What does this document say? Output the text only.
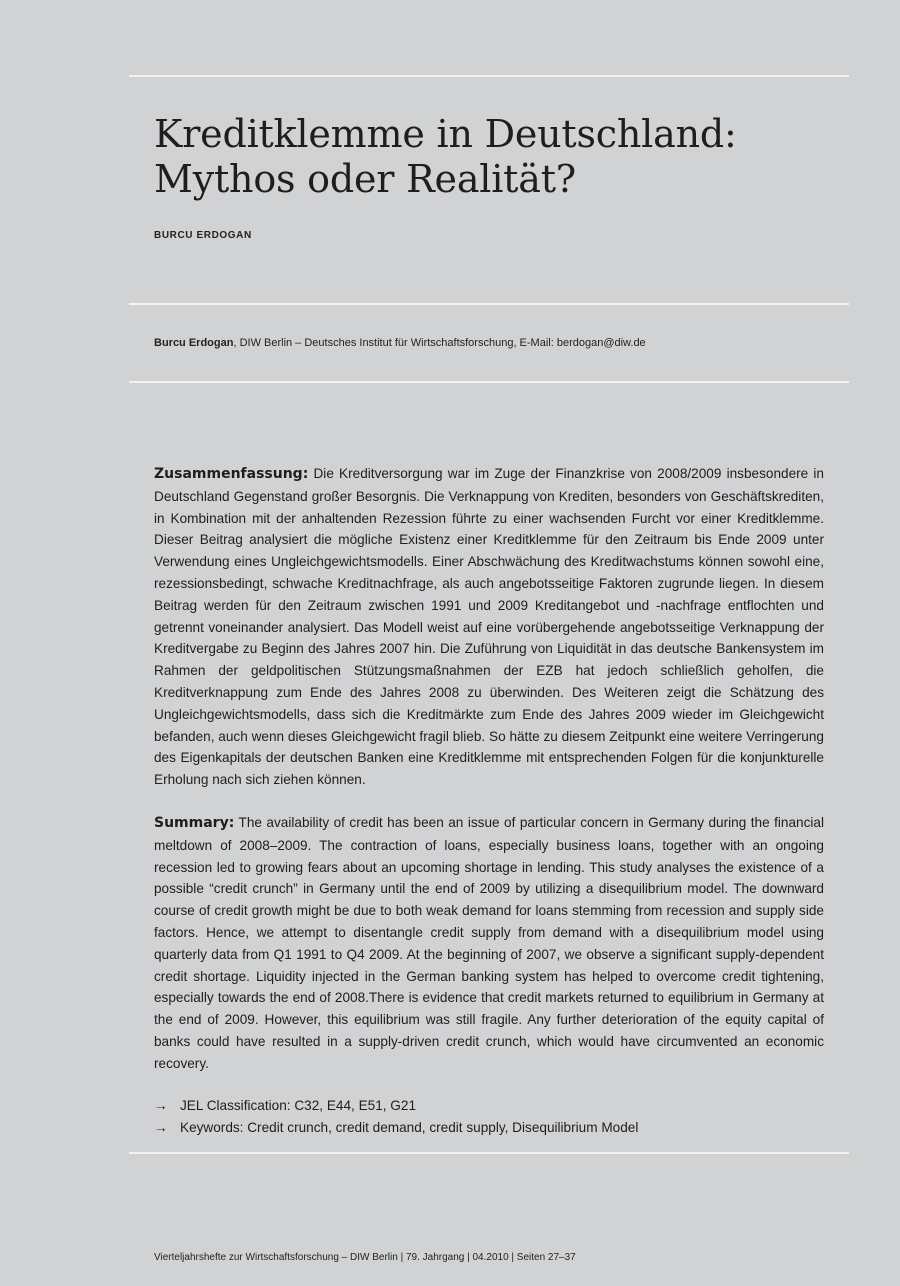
Kreditklemme in Deutschland:
Mythos oder Realität?
BURCU ERDOGAN
Burcu Erdogan, DIW Berlin – Deutsches Institut für Wirtschaftsforschung, E-Mail: berdogan@diw.de

Zusammenfassung: Die Kreditversorgung war im Zuge der Finanzkrise von 2008/2009 insbesondere in Deutschland Gegenstand großer Besorgnis. Die Verknappung von Krediten, besonders von Geschäftskrediten, in Kombination mit der anhaltenden Rezession führte zu einer wachsenden Furcht vor einer Kreditklemme. Dieser Beitrag analysiert die mögliche Existenz einer Kreditklemme für den Zeitraum bis Ende 2009 unter Verwendung eines Ungleichgewichtsmodells. Einer Abschwächung des Kreditwachstums können sowohl eine, rezessionsbedingt, schwache Kreditnachfrage, als auch angebotsseitige Faktoren zugrunde liegen. In diesem Beitrag werden für den Zeitraum zwischen 1991 und 2009 Kreditangebot und -nachfrage entflochten und getrennt voneinander analysiert. Das Modell weist auf eine vorübergehende angebotsseitige Verknappung der Kreditvergabe zu Beginn des Jahres 2007 hin. Die Zuführung von Liquidität in das deutsche Bankensystem im Rahmen der geldpolitischen Stützungsmaßnahmen der EZB hat jedoch schließlich geholfen, die Kreditverknappung zum Ende des Jahres 2008 zu überwinden. Des Weiteren zeigt die Schätzung des Ungleichgewichtsmodells, dass sich die Kreditmärkte zum Ende des Jahres 2009 wieder im Gleichgewicht befanden, auch wenn dieses Gleichgewicht fragil blieb. So hätte zu diesem Zeitpunkt eine weitere Verringerung des Eigenkapitals der deutschen Banken eine Kreditklemme mit entsprechenden Folgen für die konjunkturelle Erholung nach sich ziehen können.

Summary: The availability of credit has been an issue of particular concern in Germany during the financial meltdown of 2008–2009. The contraction of loans, especially business loans, together with an ongoing recession led to growing fears about an upcoming shortage in lending. This study analyses the existence of a possible “credit crunch” in Germany until the end of 2009 by utilizing a disequilibrium model. The downward course of credit growth might be due to both weak demand for loans stemming from recession and supply side factors. Hence, we attempt to disentangle credit supply from demand with a disequilibrium model using quarterly data from Q1 1991 to Q4 2009. At the beginning of 2007, we observe a significant supply-dependent credit shortage. Liquidity injected in the German banking system has helped to overcome credit tightening, especially towards the end of 2008.There is evidence that credit markets returned to equilibrium in Germany at the end of 2009. However, this equilibrium was still fragile. Any further deterioration of the equity capital of banks could have resulted in a supply-driven credit crunch, which would have circumvented an economic recovery.

→ JEL Classification: C32, E44, E51, G21
→ Keywords: Credit crunch, credit demand, credit supply, Disequilibrium Model
Vierteljahrshefte zur Wirtschaftsforschung – DIW Berlin | 79. Jahrgang | 04.2010 | Seiten 27–37
